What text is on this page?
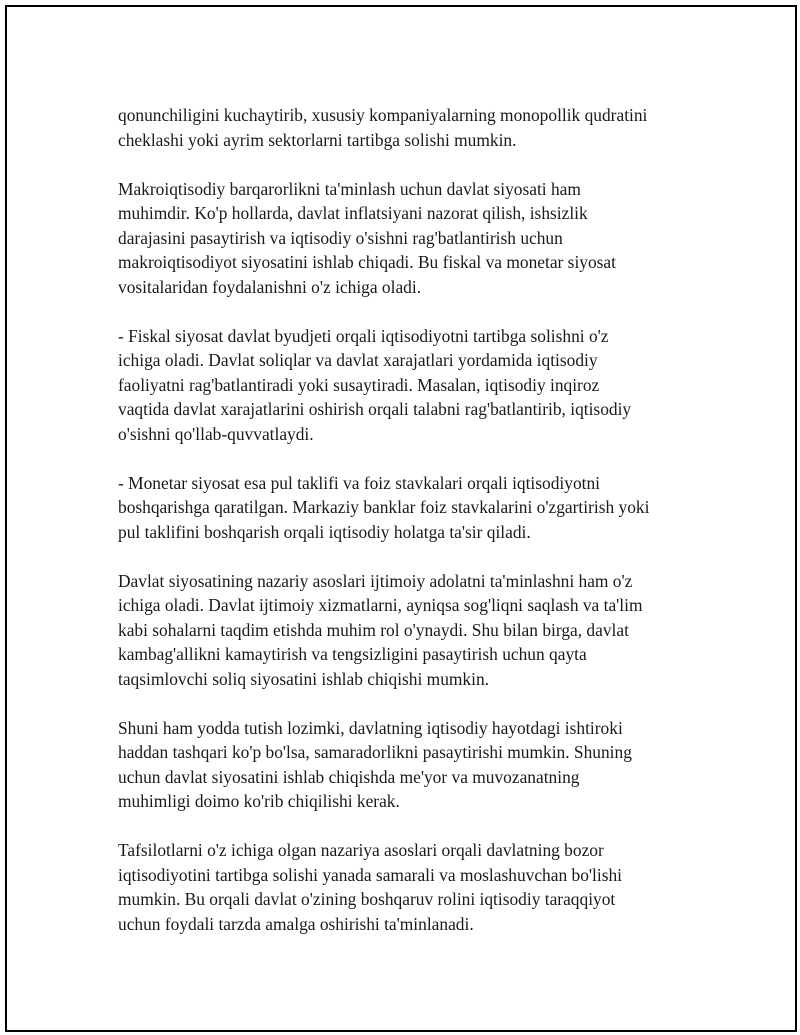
qonunchiligini kuchaytirib, xususiy kompaniyalarning monopollik qudratini
cheklashi yoki ayrim sektorlarni tartibga solishi mumkin.

Makroiqtisodiy barqarorlikni ta'minlash uchun davlat siyosati ham
muhimdir. Ko'p hollarda, davlat inflatsiyani nazorat qilish, ishsizlik
darajasini pasaytirish va iqtisodiy o'sishni rag'batlantirish uchun
makroiqtisodiyot siyosatini ishlab chiqadi. Bu fiskal va monetar siyosat
vositalaridan foydalanishni o'z ichiga oladi.

- Fiskal siyosat davlat byudjeti orqali iqtisodiyotni tartibga solishni o'z
ichiga oladi. Davlat soliqlar va davlat xarajatlari yordamida iqtisodiy
faoliyatni rag'batlantiradi yoki susaytiradi. Masalan, iqtisodiy inqiroz
vaqtida davlat xarajatlarini oshirish orqali talabni rag'batlantirib, iqtisodiy
o'sishni qo'llab-quvvatlaydi.

- Monetar siyosat esa pul taklifi va foiz stavkalari orqali iqtisodiyotni
boshqarishga qaratilgan. Markaziy banklar foiz stavkalarini o'zgartirish yoki
pul taklifini boshqarish orqali iqtisodiy holatga ta'sir qiladi.

Davlat siyosatining nazariy asoslari ijtimoiy adolatni ta'minlashni ham o'z
ichiga oladi. Davlat ijtimoiy xizmatlarni, ayniqsa sog'liqni saqlash va ta'lim
kabi sohalarni taqdim etishda muhim rol o'ynaydi. Shu bilan birga, davlat
kambag'allikni kamaytirish va tengsizligini pasaytirish uchun qayta
taqsimlovchi soliq siyosatini ishlab chiqishi mumkin.

Shuni ham yodda tutish lozimki, davlatning iqtisodiy hayotdagi ishtiroki
haddan tashqari ko'p bo'lsa, samaradorlikni pasaytirishi mumkin. Shuning
uchun davlat siyosatini ishlab chiqishda me'yor va muvozanatning
muhimligi doimo ko'rib chiqilishi kerak.

Tafsilotlarni o'z ichiga olgan nazariya asoslari orqali davlatning bozor
iqtisodiyotini tartibga solishi yanada samarali va moslashuvchan bo'lishi
mumkin. Bu orqali davlat o'zining boshqaruv rolini iqtisodiy taraqqiyot
uchun foydali tarzda amalga oshirishi ta'minlanadi.
